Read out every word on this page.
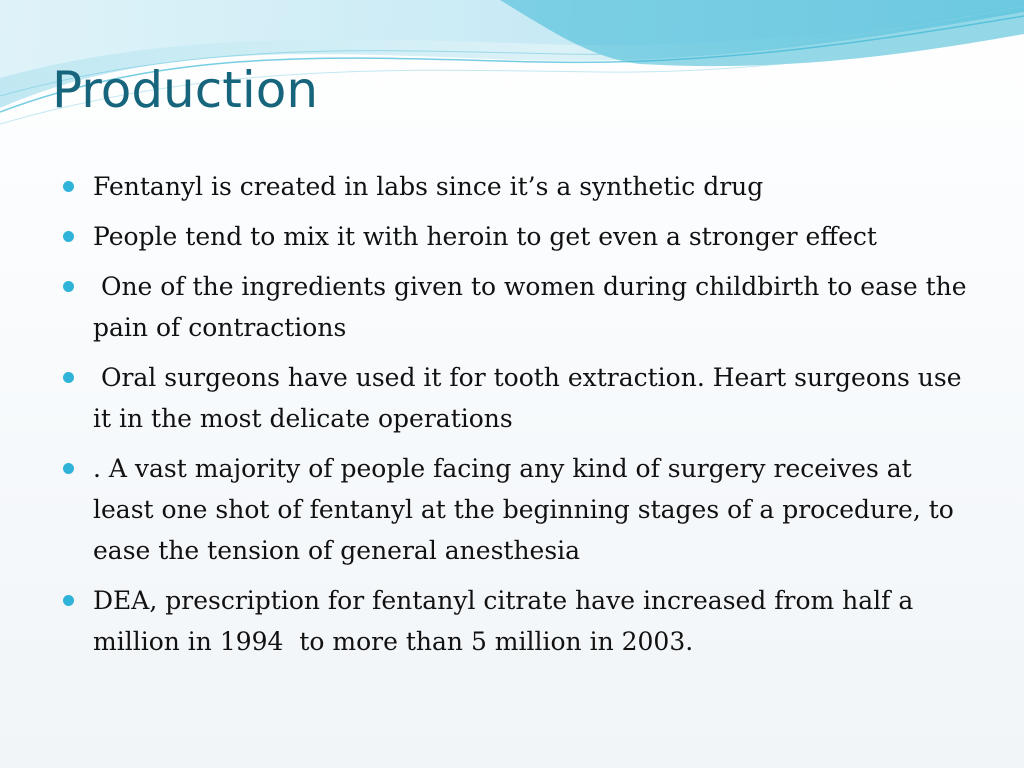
Production
Fentanyl is created in labs since it’s a synthetic drug
People tend to mix it with heroin to get even a stronger effect
One of the ingredients given to women during childbirth to ease the pain of contractions
Oral surgeons have used it for tooth extraction. Heart surgeons use it in the most delicate operations
. A vast majority of people facing any kind of surgery receives at least one shot of fentanyl at the beginning stages of a procedure, to ease the tension of general anesthesia
DEA, prescription for fentanyl citrate have increased from half a million in 1994  to more than 5 million in 2003.
